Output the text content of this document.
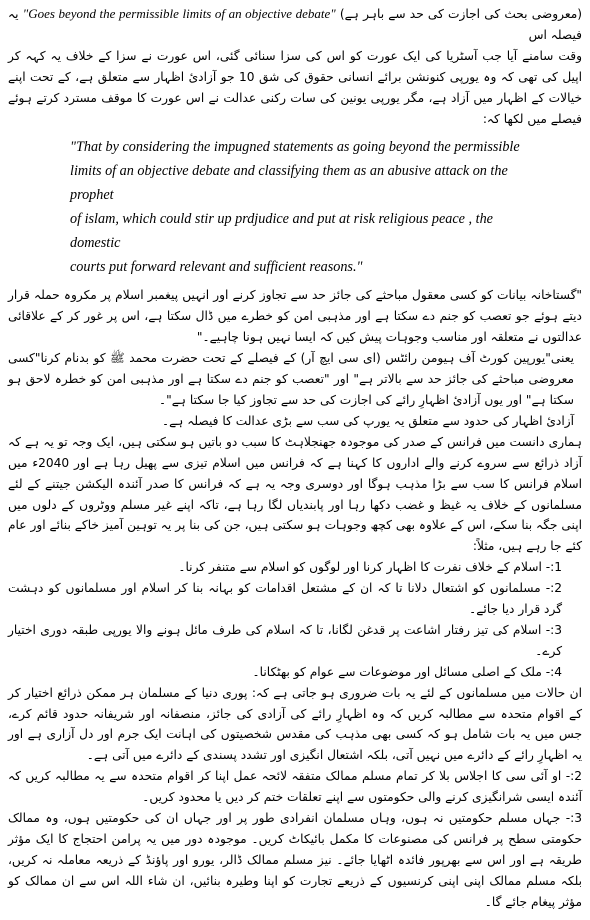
(معروضی بحث کی اجازت کی حد سے باہر ہے) "Goes beyond the permissible limits of an objective debate" یہ فیصلہ اس

وقت سامنے آیا جب آسٹریا کی ایک عورت کو اس کی سزا سنائی گئی، اس عورت نے سزا کے خلاف یہ کہہ کر اپیل کی تھی کہ وہ یورپی کنونشن برائے انسانی حقوق کی شق 10 جو آزادیٔ اظہار سے متعلق ہے، کے تحت اپنے خیالات کے اظہار میں آزاد ہے، مگر یورپی یونین کی سات رکنی عدالت نے اس عورت کا موقف مسترد کرتے ہوئے فیصلے میں لکھا کہ:

"That by considering the impugned statements as going beyond the permissible
limits of an objective debate and classifying them as an abusive attack on the prophet
of islam, which could stir up prdjudice and put at risk religious peace , the domestic
courts put forward relevant and sufficient reasons."

"گستاخانہ بیانات کو کسی معقول مباحثے کی جائز حد سے تجاوز کرنے اور انہیں پیغمبر اسلام پر مکروہ حملہ قرار دیتے ہوئے جو تعصب کو جنم دے سکتا ہے اور مذہبی امن کو خطرے میں ڈال سکتا ہے، اس پر غور کر کے علاقائی عدالتوں نے متعلقہ اور مناسب وجوہات پیش کیں کہ ایسا نہیں ہونا چاہیے۔"

یعنی"یورپین کورٹ آف ہیومن رائٹس (ای سی ایچ آر) کے فیصلے کے تحت حضرت محمد ﷺ کو بدنام کرنا"کسی معروضی مباحثے کی جائز حد سے بالاتر ہے" اور "تعصب کو جنم دے سکتا ہے اور مذہبی امن کو خطرہ لاحق ہو سکتا ہے" اور یوں آزادیٔ اظہارِ رائے کی اجازت کی حد سے تجاوز کیا جا سکتا ہے"۔

آزادیٔ اظہار کی حدود سے متعلق یہ یورپ کی سب سے بڑی عدالت کا فیصلہ ہے۔

ہماری دانست میں فرانس کے صدر کی موجودہ جھنجلاہٹ کا سبب دو باتیں ہو سکتی ہیں، ایک وجہ تو یہ ہے کہ آزاد ذرائع سے سروے کرنے والے اداروں کا کہنا ہے کہ فرانس میں اسلام تیزی سے پھیل رہا ہے اور 2040ء میں اسلام فرانس کا سب سے بڑا مذہب ہوگا اور دوسری وجہ یہ ہے کہ فرانس کا صدر آئندہ الیکشن جیتنے کے لئے مسلمانوں کے خلاف یہ غیظ و غضب دکھا رہا اور پابندیاں لگا رہا ہے، تاکہ اپنے غیر مسلم ووٹروں کے دلوں میں اپنی جگہ بنا سکے، اس کے علاوہ بھی کچھ وجوہات ہو سکتی ہیں، جن کی بنا پر یہ توہین آمیز خاکے بنائے اور عام کئے جا رہے ہیں، مثلاً:

1:- اسلام کے خلاف نفرت کا اظہار کرنا اور لوگوں کو اسلام سے متنفر کرنا۔

2:- مسلمانوں کو اشتعال دلانا تا کہ ان کے مشتعل اقدامات کو بہانہ بنا کر اسلام اور مسلمانوں کو دہشت گرد قرار دیا جائے۔

3:- اسلام کی تیز رفتار اشاعت پر قدغن لگانا، تا کہ اسلام کی طرف مائل ہونے والا یورپی طبقہ دوری اختیار کرے۔

4:- ملک کے اصلی مسائل اور موضوعات سے عوام کو بھٹکانا۔

ان حالات میں مسلمانوں کے لئے یہ بات ضروری ہو جاتی ہے کہ: پوری دنیا کے مسلمان ہر ممکن ذرائع اختیار کر کے اقوام متحدہ سے مطالبہ کریں کہ وہ اظہارِ رائے کی آزادی کی جائز، منصفانہ اور شریفانہ حدود قائم کرے، جس میں یہ بات شامل ہو کہ کسی بھی مذہب کی مقدس شخصیتوں کی اہانت ایک جرم اور دل آزاری ہے اور یہ اظہارِ رائے کے دائرے میں نہیں آتی، بلکہ اشتعال انگیزی اور تشدد پسندی کے دائرے میں آتی ہے۔

2:- او آئی سی کا اجلاس بلا کر تمام مسلم ممالک متفقہ لائحہ عمل اپنا کر اقوام متحدہ سے یہ مطالبہ کریں کہ آئندہ ایسی شرانگیزی کرنے والی حکومتوں سے اپنے تعلقات ختم کر دیں یا محدود کریں۔

3:- جہاں مسلم حکومتیں نہ ہوں، وہاں مسلمان انفرادی طور پر اور جہاں ان کی حکومتیں ہوں، وہ ممالک حکومتی سطح پر فرانس کی مصنوعات کا مکمل بائیکاٹ کریں۔ موجودہ دور میں یہ پرامن احتجاج کا ایک مؤثر طریقہ ہے اور اس سے بھرپور فائدہ اٹھایا جائے۔ نیز مسلم ممالک ڈالر، یورو اور پاؤنڈ کے ذریعہ معاملہ نہ کریں، بلکہ مسلم ممالک اپنی اپنی کرنسیوں کے ذریعے تجارت کو اپنا وطیرہ بنائیں، ان شاء اللہ اس سے ان ممالک کو مؤثر پیغام جائے گا۔
